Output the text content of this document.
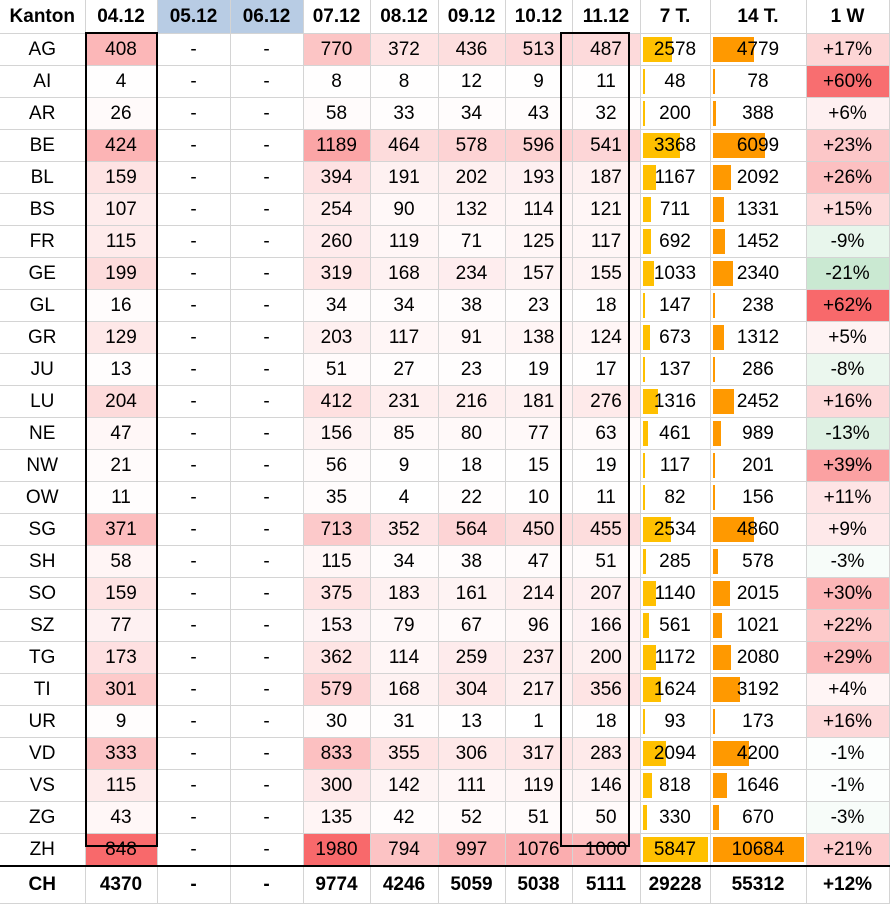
Kanton	04.12	05.12	06.12	07.12	08.12	09.12	10.12	11.12	7 T.	14 T.	1 W
AG	408	-	-	770	372	436	513	487	2578	4779	+17%
AI	4	-	-	8	8	12	9	11	48	78	+60%
AR	26	-	-	58	33	34	43	32	200	388	+6%
BE	424	-	-	1189	464	578	596	541	3368	6099	+23%
BL	159	-	-	394	191	202	193	187	1167	2092	+26%
BS	107	-	-	254	90	132	114	121	711	1331	+15%
FR	115	-	-	260	119	71	125	117	692	1452	-9%
GE	199	-	-	319	168	234	157	155	1033	2340	-21%
GL	16	-	-	34	34	38	23	18	147	238	+62%
GR	129	-	-	203	117	91	138	124	673	1312	+5%
JU	13	-	-	51	27	23	19	17	137	286	-8%
LU	204	-	-	412	231	216	181	276	1316	2452	+16%
NE	47	-	-	156	85	80	77	63	461	989	-13%
NW	21	-	-	56	9	18	15	19	117	201	+39%
OW	11	-	-	35	4	22	10	11	82	156	+11%
SG	371	-	-	713	352	564	450	455	2534	4860	+9%
SH	58	-	-	115	34	38	47	51	285	578	-3%
SO	159	-	-	375	183	161	214	207	1140	2015	+30%
SZ	77	-	-	153	79	67	96	166	561	1021	+22%
TG	173	-	-	362	114	259	237	200	1172	2080	+29%
TI	301	-	-	579	168	304	217	356	1624	3192	+4%
UR	9	-	-	30	31	13	1	18	93	173	+16%
VD	333	-	-	833	355	306	317	283	2094	4200	-1%
VS	115	-	-	300	142	111	119	146	818	1646	-1%
ZG	43	-	-	135	42	52	51	50	330	670	-3%
ZH	848	-	-	1980	794	997	1076	1000	5847	10684	+21%
CH	4370	-	-	9774	4246	5059	5038	5111	29228	55312	+12%
